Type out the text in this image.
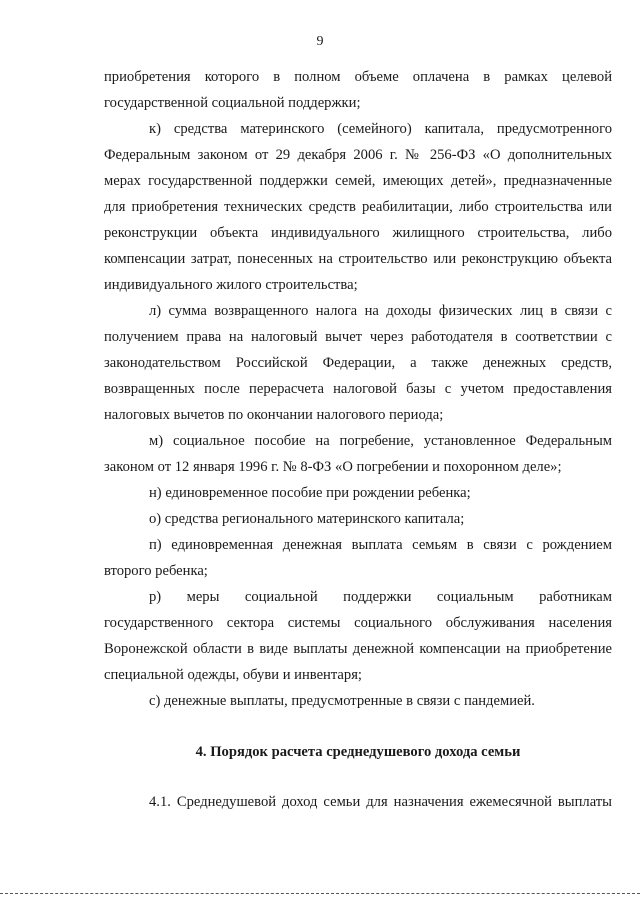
9

приобретения которого в полном объеме оплачена в рамках целевой государственной социальной поддержки;

к) средства материнского (семейного) капитала, предусмотренного Федеральным законом от 29 декабря 2006 г. № 256-ФЗ «О дополнительных мерах государственной поддержки семей, имеющих детей», предназначенные для приобретения технических средств реабилитации, либо строительства или реконструкции объекта индивидуального жилищного строительства, либо компенсации затрат, понесенных на строительство или реконструкцию объекта индивидуального жилого строительства;

л) сумма возвращенного налога на доходы физических лиц в связи с получением права на налоговый вычет через работодателя в соответствии с законодательством Российской Федерации, а также денежных средств, возвращенных после перерасчета налоговой базы с учетом предоставления налоговых вычетов по окончании налогового периода;

м) социальное пособие на погребение, установленное Федеральным законом от 12 января 1996 г. № 8-ФЗ «О погребении и похоронном деле»;

н) единовременное пособие при рождении ребенка;

о) средства регионального материнского капитала;

п) единовременная денежная выплата семьям в связи с рождением второго ребенка;

р) меры социальной поддержки социальным работникам государственного сектора системы социального обслуживания населения Воронежской области в виде выплаты денежной компенсации на приобретение специальной одежды, обуви и инвентаря;

с) денежные выплаты, предусмотренные в связи с пандемией.

4. Порядок расчета среднедушевого дохода семьи

4.1. Среднедушевой доход семьи для назначения ежемесячной выплаты
